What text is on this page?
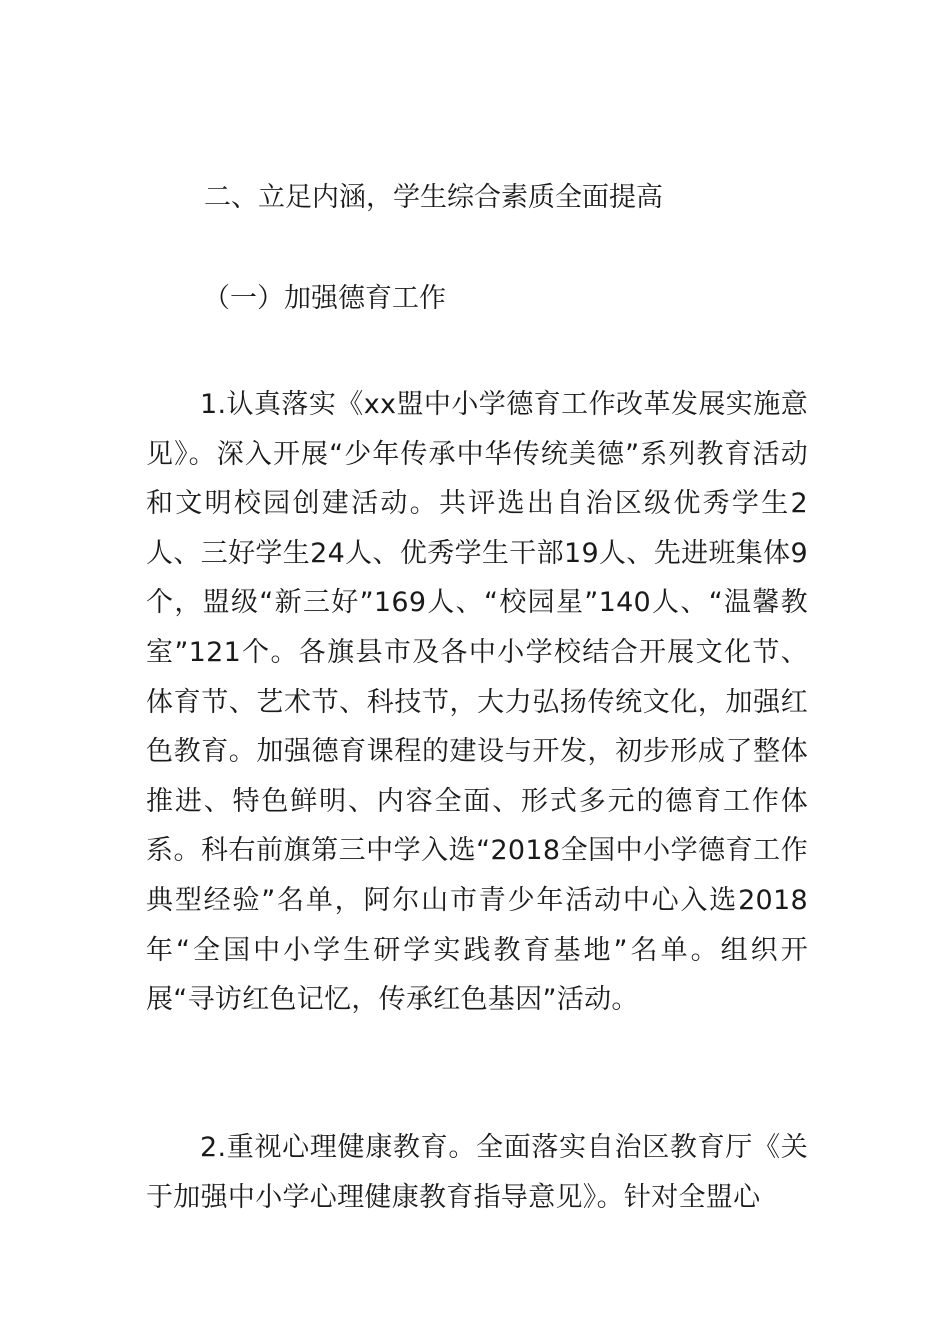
二、立足内涵，学生综合素质全面提高
（一）加强德育工作

1.认真落实《xx盟中小学德育工作改革发展实施意见》。深入开展“少年传承中华传统美德”系列教育活动和文明校园创建活动。共评选出自治区级优秀学生2人、三好学生24人、优秀学生干部19人、先进班集体9个，盟级“新三好”169人、“校园星”140人、“温馨教室”121个。各旗县市及各中小学校结合开展文化节、体育节、艺术节、科技节，大力弘扬传统文化，加强红色教育。加强德育课程的建设与开发，初步形成了整体推进、特色鲜明、内容全面、形式多元的德育工作体系。科右前旗第三中学入选“2018全国中小学德育工作典型经验”名单，阿尔山市青少年活动中心入选2018年“全国中小学生研学实践教育基地”名单。组织开展“寻访红色记忆，传承红色基因”活动。

2.重视心理健康教育。全面落实自治区教育厅《关于加强中小学心理健康教育指导意见》。针对全盟心
